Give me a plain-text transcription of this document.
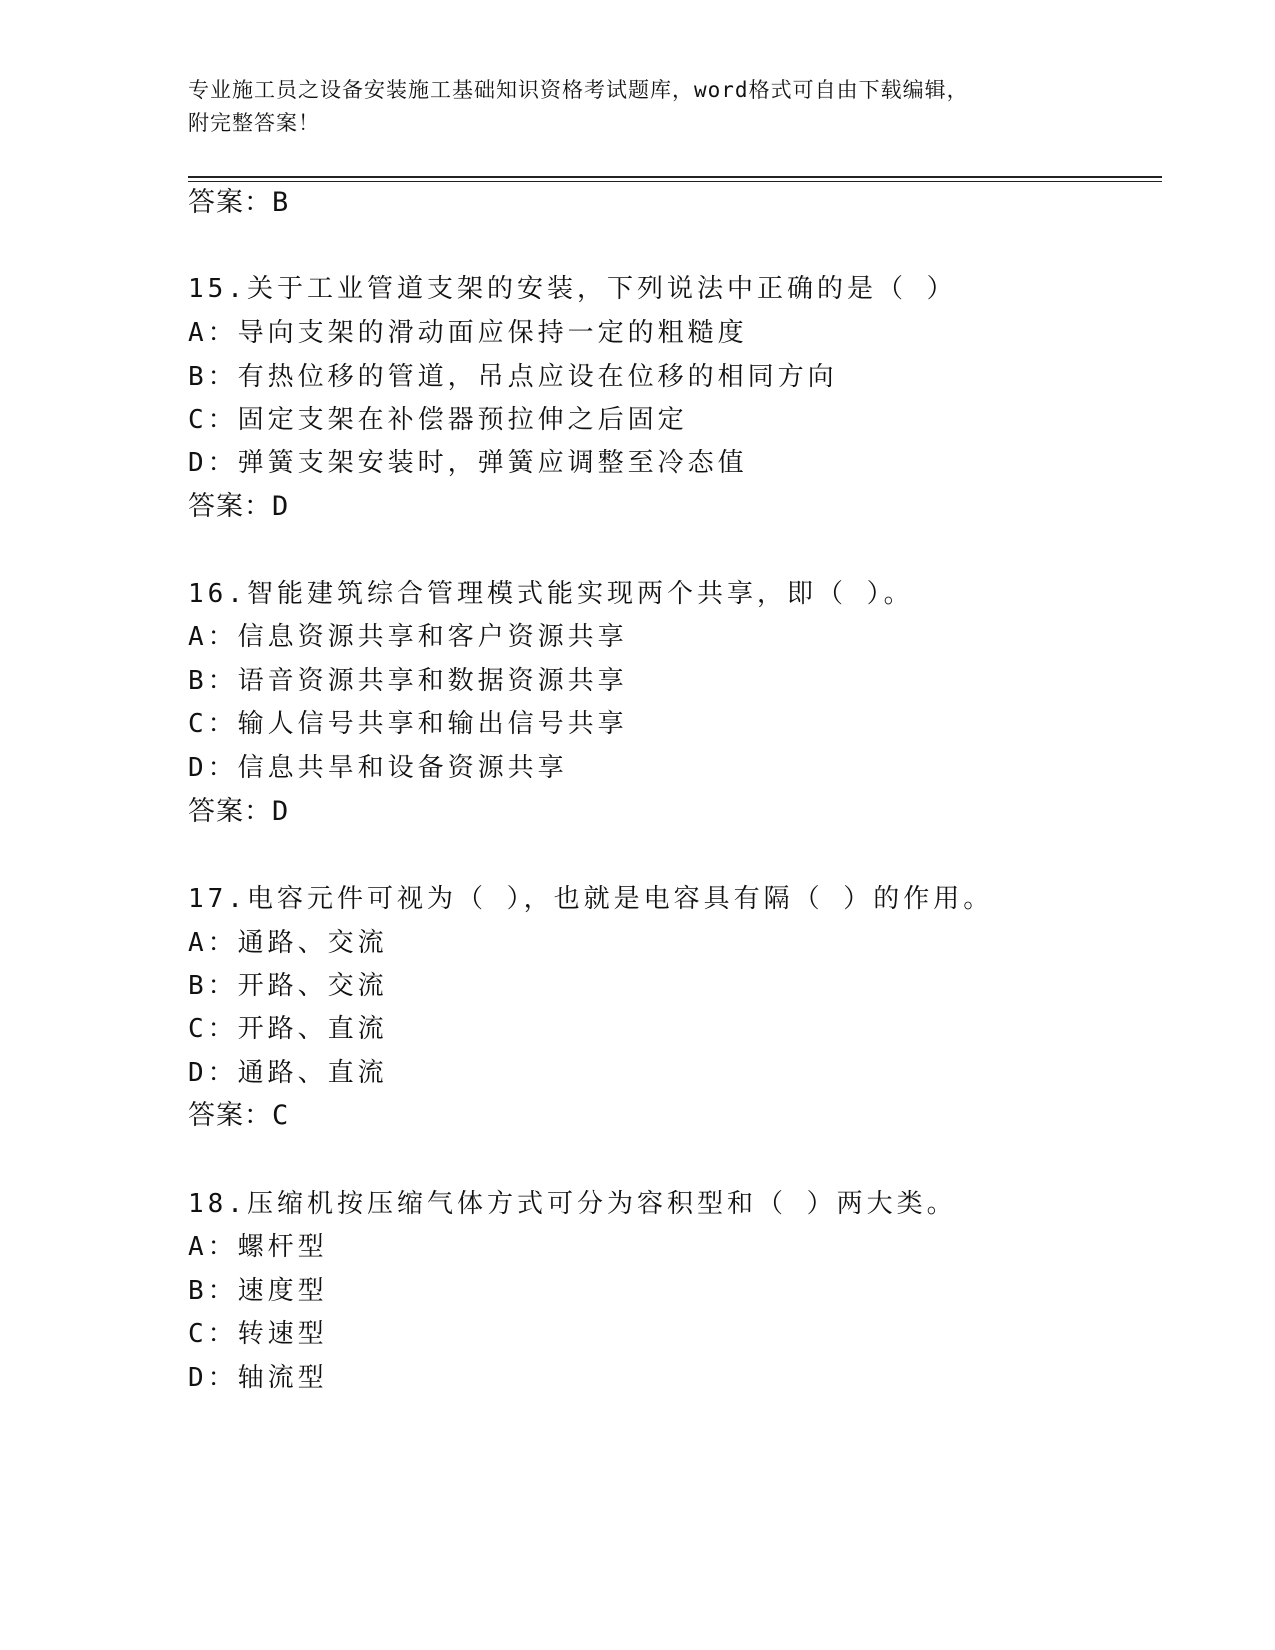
专业施工员之设备安装施工基础知识资格考试题库，word格式可自由下载编辑，
附完整答案！
答案：B
15.关于工业管道支架的安装，下列说法中正确的是（ ）
A：导向支架的滑动面应保持一定的粗糙度
B：有热位移的管道，吊点应设在位移的相同方向
C：固定支架在补偿器预拉伸之后固定
D：弹簧支架安装时，弹簧应调整至冷态值
答案：D
16.智能建筑综合管理模式能实现两个共享，即（ ）。
A：信息资源共享和客户资源共享
B：语音资源共享和数据资源共享
C：输人信号共享和输出信号共享
D：信息共旱和设备资源共享
答案：D
17.电容元件可视为（ ），也就是电容具有隔（ ）的作用。
A：通路、交流
B：开路、交流
C：开路、直流
D：通路、直流
答案：C
18.压缩机按压缩气体方式可分为容积型和（ ）两大类。
A：螺杆型
B：速度型
C：转速型
D：轴流型
